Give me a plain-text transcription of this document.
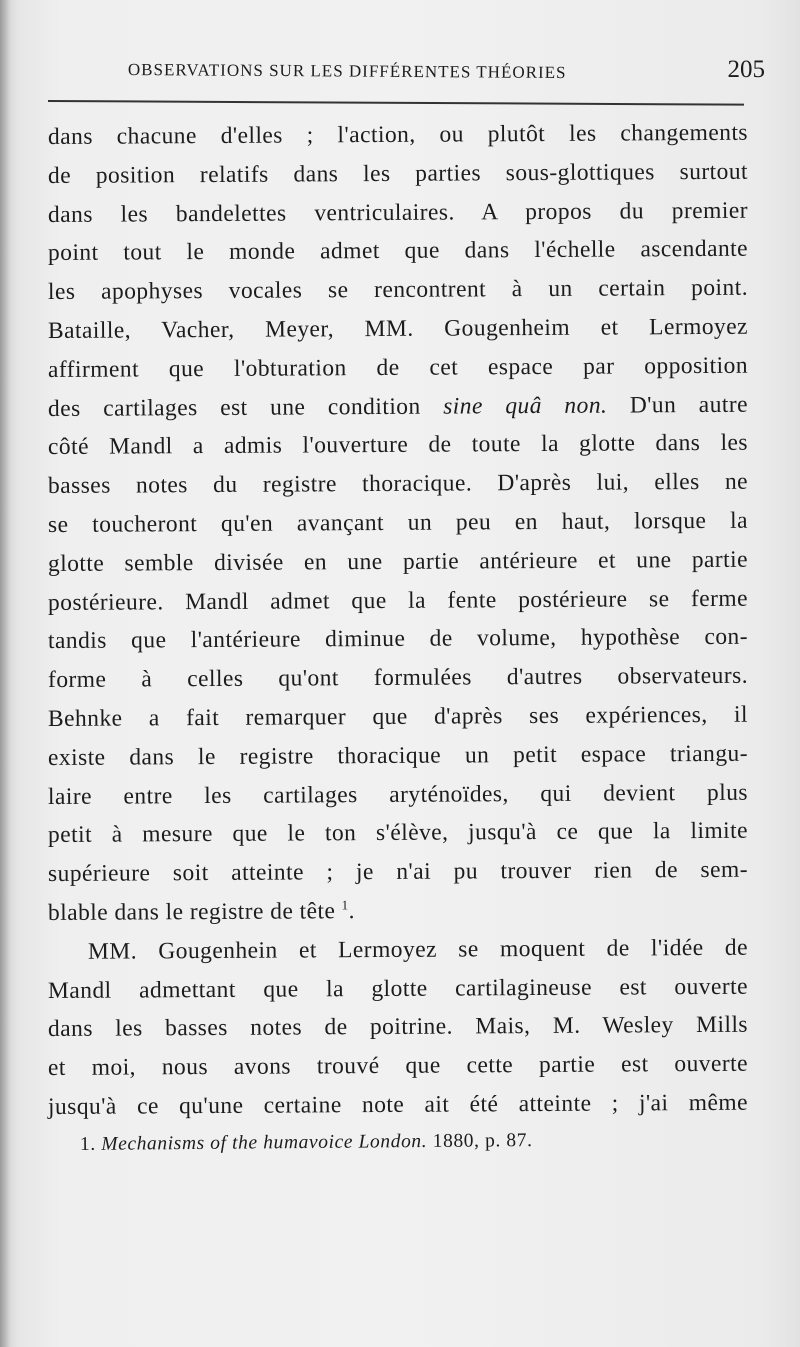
OBSERVATIONS SUR LES DIFFÉRENTES THÉORIES	205
dans chacune d'elles ; l'action, ou plutôt les changements
de position relatifs dans les parties sous-glottiques surtout
dans les bandelettes ventriculaires. A propos du premier
point tout le monde admet que dans l'échelle ascendante
les apophyses vocales se rencontrent à un certain point.
Bataille, Vacher, Meyer, MM. Gougenheim et Lermoyez
affirment que l'obturation de cet espace par opposition
des cartilages est une condition sine quâ non. D'un autre
côté Mandl a admis l'ouverture de toute la glotte dans les
basses notes du registre thoracique. D'après lui, elles ne
se toucheront qu'en avançant un peu en haut, lorsque la
glotte semble divisée en une partie antérieure et une partie
postérieure. Mandl admet que la fente postérieure se ferme
tandis que l'antérieure diminue de volume, hypothèse con-
forme à celles qu'ont formulées d'autres observateurs.
Behnke a fait remarquer que d'après ses expériences, il
existe dans le registre thoracique un petit espace triangu-
laire entre les cartilages aryténoïdes, qui devient plus
petit à mesure que le ton s'élève, jusqu'à ce que la limite
supérieure soit atteinte ; je n'ai pu trouver rien de sem-
blable dans le registre de tête $^1$.
MM. Gougenhein et Lermoyez se moquent de l'idée de
Mandl admettant que la glotte cartilagineuse est ouverte
dans les basses notes de poitrine. Mais, M. Wesley Mills
et moi, nous avons trouvé que cette partie est ouverte
jusqu'à ce qu'une certaine note ait été atteinte ; j'ai même
1. Mechanisms of the humavoice London. 1880, p. 87.
